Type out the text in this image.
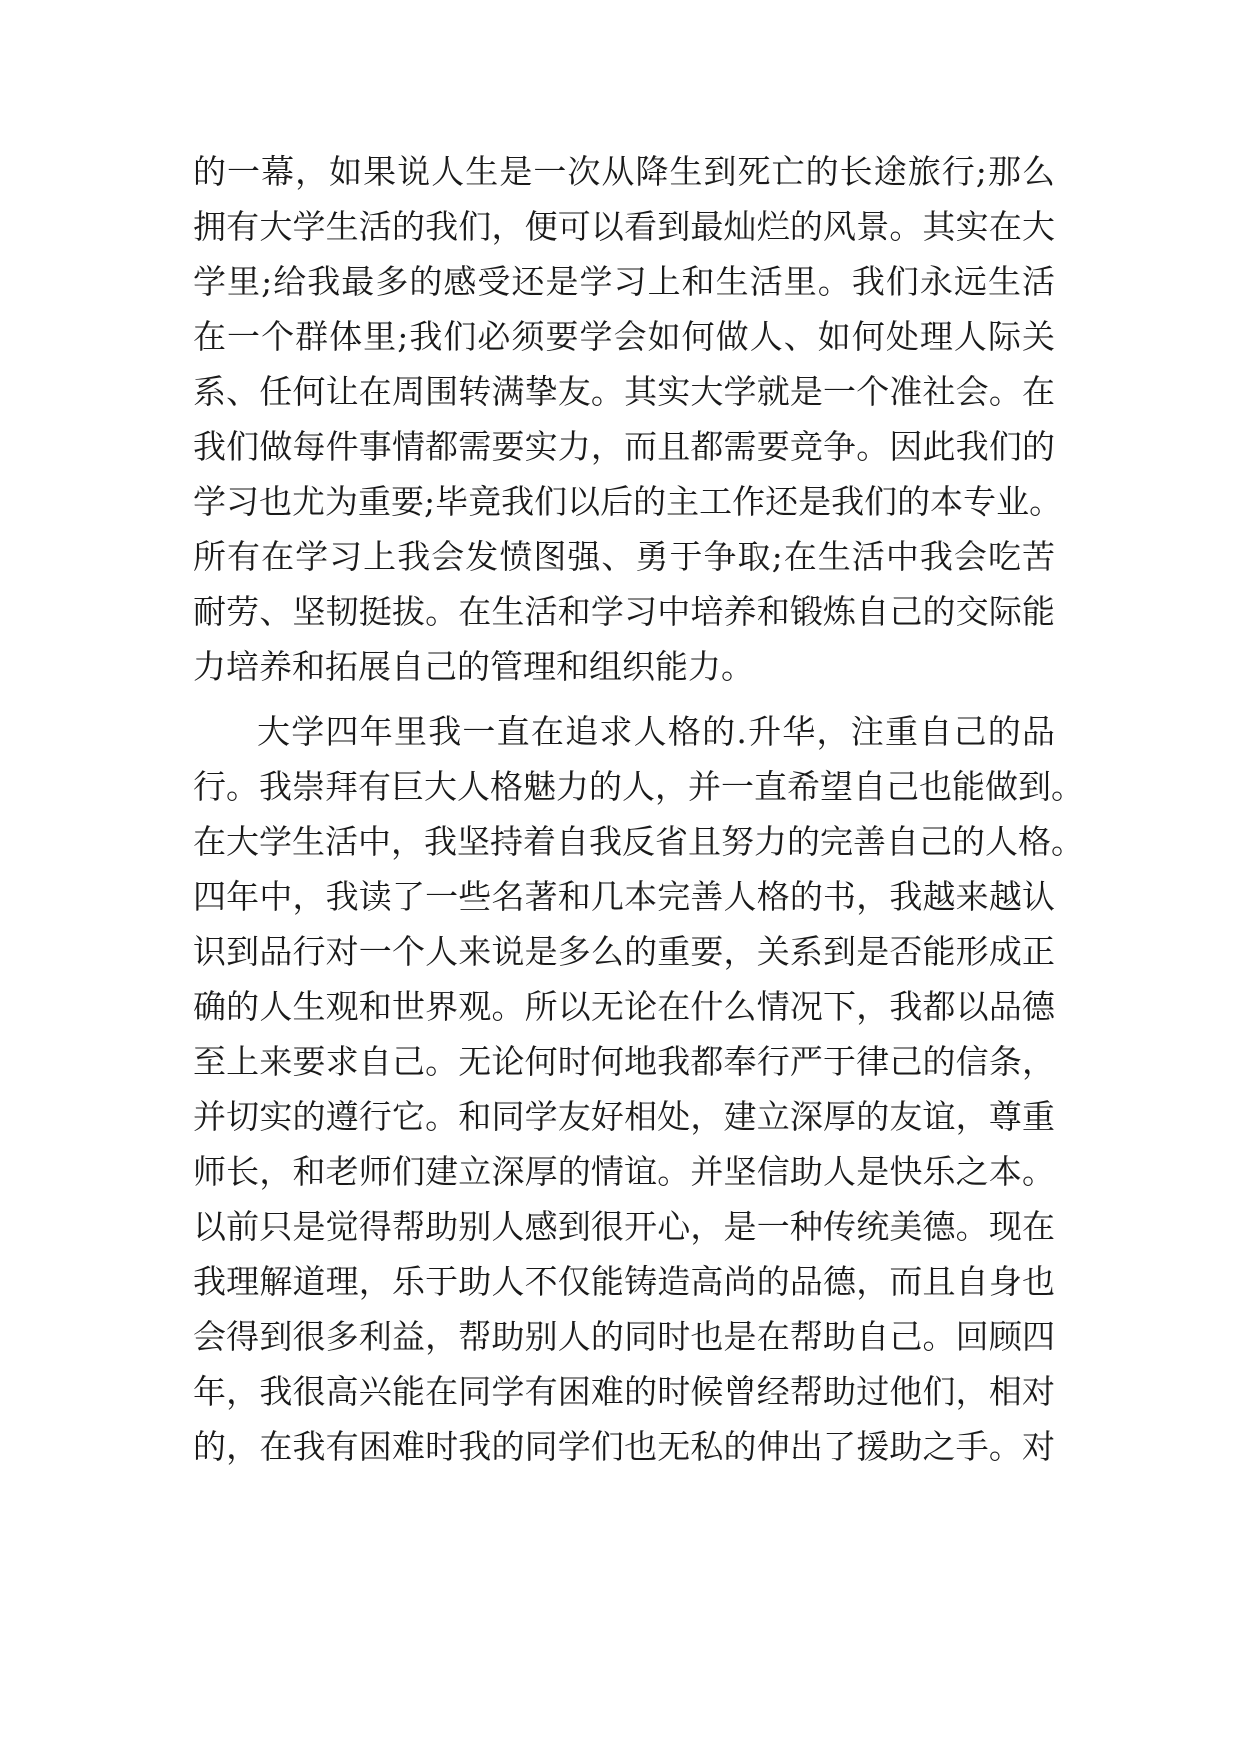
的一幕，如果说人生是一次从降生到死亡的长途旅行;那么
拥有大学生活的我们，便可以看到最灿烂的风景。其实在大
学里;给我最多的感受还是学习上和生活里。我们永远生活
在一个群体里;我们必须要学会如何做人、如何处理人际关
系、任何让在周围转满挚友。其实大学就是一个准社会。在
我们做每件事情都需要实力，而且都需要竞争。因此我们的
学习也尤为重要;毕竟我们以后的主工作还是我们的本专业。
所有在学习上我会发愤图强、勇于争取;在生活中我会吃苦
耐劳、坚韧挺拔。在生活和学习中培养和锻炼自己的交际能
力培养和拓展自己的管理和组织能力。
大学四年里我一直在追求人格的.升华，注重自己的品
行。我崇拜有巨大人格魅力的人，并一直希望自己也能做到。
在大学生活中，我坚持着自我反省且努力的完善自己的人格。
四年中，我读了一些名著和几本完善人格的书，我越来越认
识到品行对一个人来说是多么的重要，关系到是否能形成正
确的人生观和世界观。所以无论在什么情况下，我都以品德
至上来要求自己。无论何时何地我都奉行严于律己的信条，
并切实的遵行它。和同学友好相处，建立深厚的友谊，尊重
师长，和老师们建立深厚的情谊。并坚信助人是快乐之本。
以前只是觉得帮助别人感到很开心，是一种传统美德。现在
我理解道理，乐于助人不仅能铸造高尚的品德，而且自身也
会得到很多利益，帮助别人的同时也是在帮助自己。回顾四
年，我很高兴能在同学有困难的时候曾经帮助过他们，相对
的，在我有困难时我的同学们也无私的伸出了援助之手。对
